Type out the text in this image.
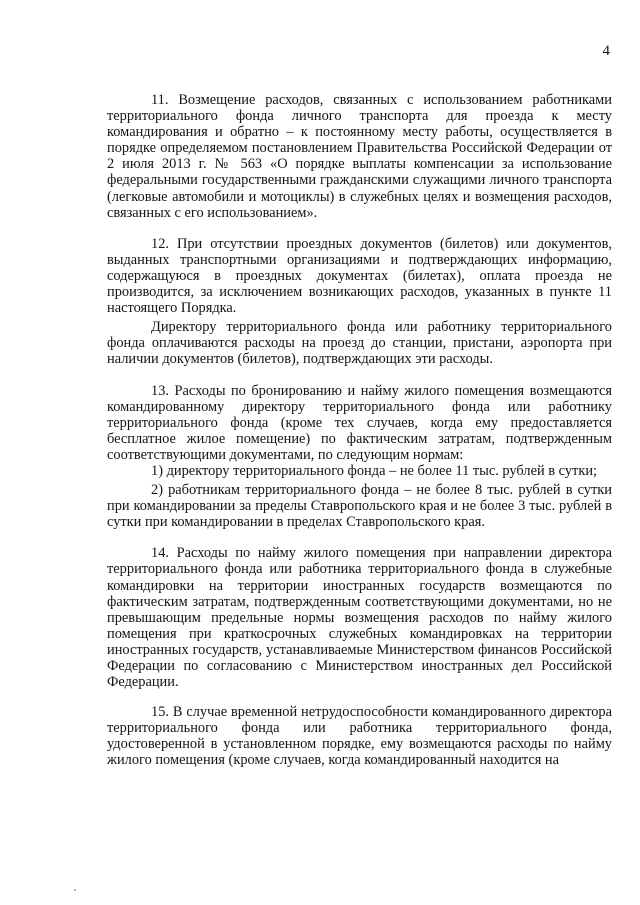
4

11. Возмещение расходов, связанных с использованием работниками территориального фонда личного транспорта для проезда к месту командирования и обратно – к постоянному месту работы, осуществляется в порядке определяемом постановлением Правительства Российской Федерации от 2 июля 2013 г. № 563 «О порядке выплаты компенсации за использование федеральными государственными гражданскими служащими личного транспорта (легковые автомобили и мотоциклы) в служебных целях и возмещения расходов, связанных с его использованием».

12. При отсутствии проездных документов (билетов) или документов, выданных транспортными организациями и подтверждающих информацию, содержащуюся в проездных документах (билетах), оплата проезда не производится, за исключением возникающих расходов, указанных в пункте 11 настоящего Порядка.

Директору территориального фонда или работнику территориального фонда оплачиваются расходы на проезд до станции, пристани, аэропорта при наличии документов (билетов), подтверждающих эти расходы.

13. Расходы по бронированию и найму жилого помещения возмещаются командированному директору территориального фонда или работнику территориального фонда (кроме тех случаев, когда ему предоставляется бесплатное жилое помещение) по фактическим затратам, подтвержденным соответствующими документами, по следующим нормам:

1) директору территориального фонда – не более 11 тыс. рублей в сутки;

2) работникам территориального фонда – не более 8 тыс. рублей в сутки при командировании за пределы Ставропольского края и не более 3 тыс. рублей в сутки при командировании в пределах Ставропольского края.

14. Расходы по найму жилого помещения при направлении директора территориального фонда или работника территориального фонда в служебные командировки на территории иностранных государств возмещаются по фактическим затратам, подтвержденным соответствующими документами, но не превышающим предельные нормы возмещения расходов по найму жилого помещения при краткосрочных служебных командировках на территории иностранных государств, устанавливаемые Министерством финансов Российской Федерации по согласованию с Министерством иностранных дел Российской Федерации.

15. В случае временной нетрудоспособности командированного директора территориального фонда или работника территориального фонда, удостоверенной в установленном порядке, ему возмещаются расходы по найму жилого помещения (кроме случаев, когда командированный находится на
